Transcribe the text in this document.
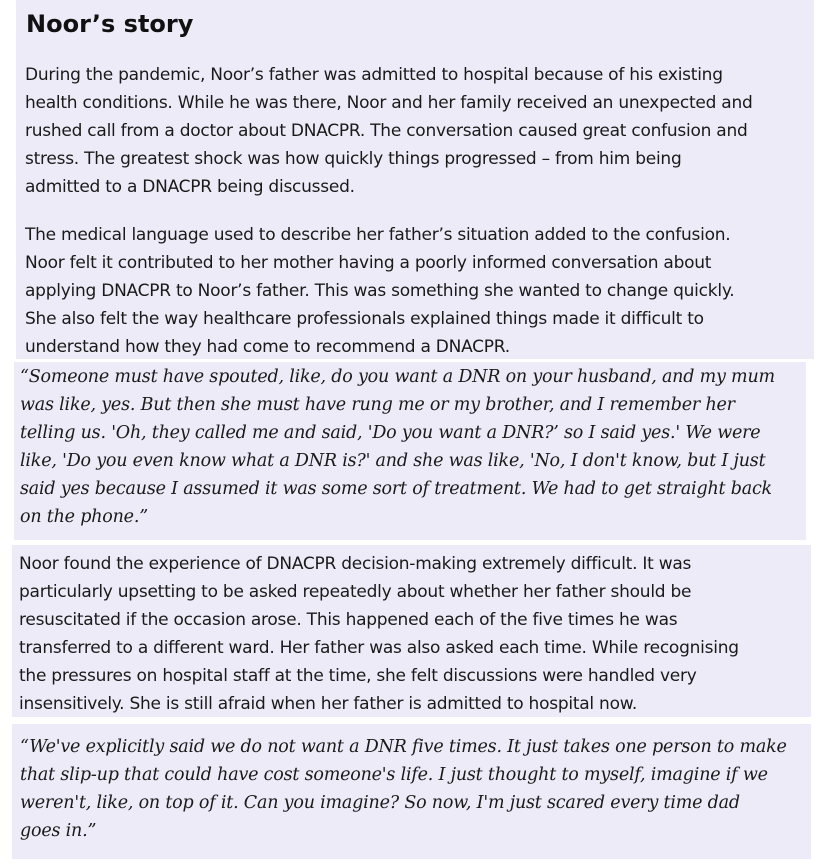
Noor’s story

During the pandemic, Noor’s father was admitted to hospital because of his existing
health conditions. While he was there, Noor and her family received an unexpected and
rushed call from a doctor about DNACPR. The conversation caused great confusion and
stress. The greatest shock was how quickly things progressed – from him being
admitted to a DNACPR being discussed.

The medical language used to describe her father’s situation added to the confusion.
Noor felt it contributed to her mother having a poorly informed conversation about
applying DNACPR to Noor’s father. This was something she wanted to change quickly.
She also felt the way healthcare professionals explained things made it difficult to
understand how they had come to recommend a DNACPR.

“Someone must have spouted, like, do you want a DNR on your husband, and my mum
was like, yes. But then she must have rung me or my brother, and I remember her
telling us. 'Oh, they called me and said, 'Do you want a DNR?’ so I said yes.' We were
like, 'Do you even know what a DNR is?' and she was like, 'No, I don't know, but I just
said yes because I assumed it was some sort of treatment. We had to get straight back
on the phone.”

Noor found the experience of DNACPR decision-making extremely difficult. It was
particularly upsetting to be asked repeatedly about whether her father should be
resuscitated if the occasion arose. This happened each of the five times he was
transferred to a different ward. Her father was also asked each time. While recognising
the pressures on hospital staff at the time, she felt discussions were handled very
insensitively. She is still afraid when her father is admitted to hospital now.

“We've explicitly said we do not want a DNR five times. It just takes one person to make
that slip-up that could have cost someone's life. I just thought to myself, imagine if we
weren't, like, on top of it. Can you imagine? So now, I'm just scared every time dad
goes in.”
